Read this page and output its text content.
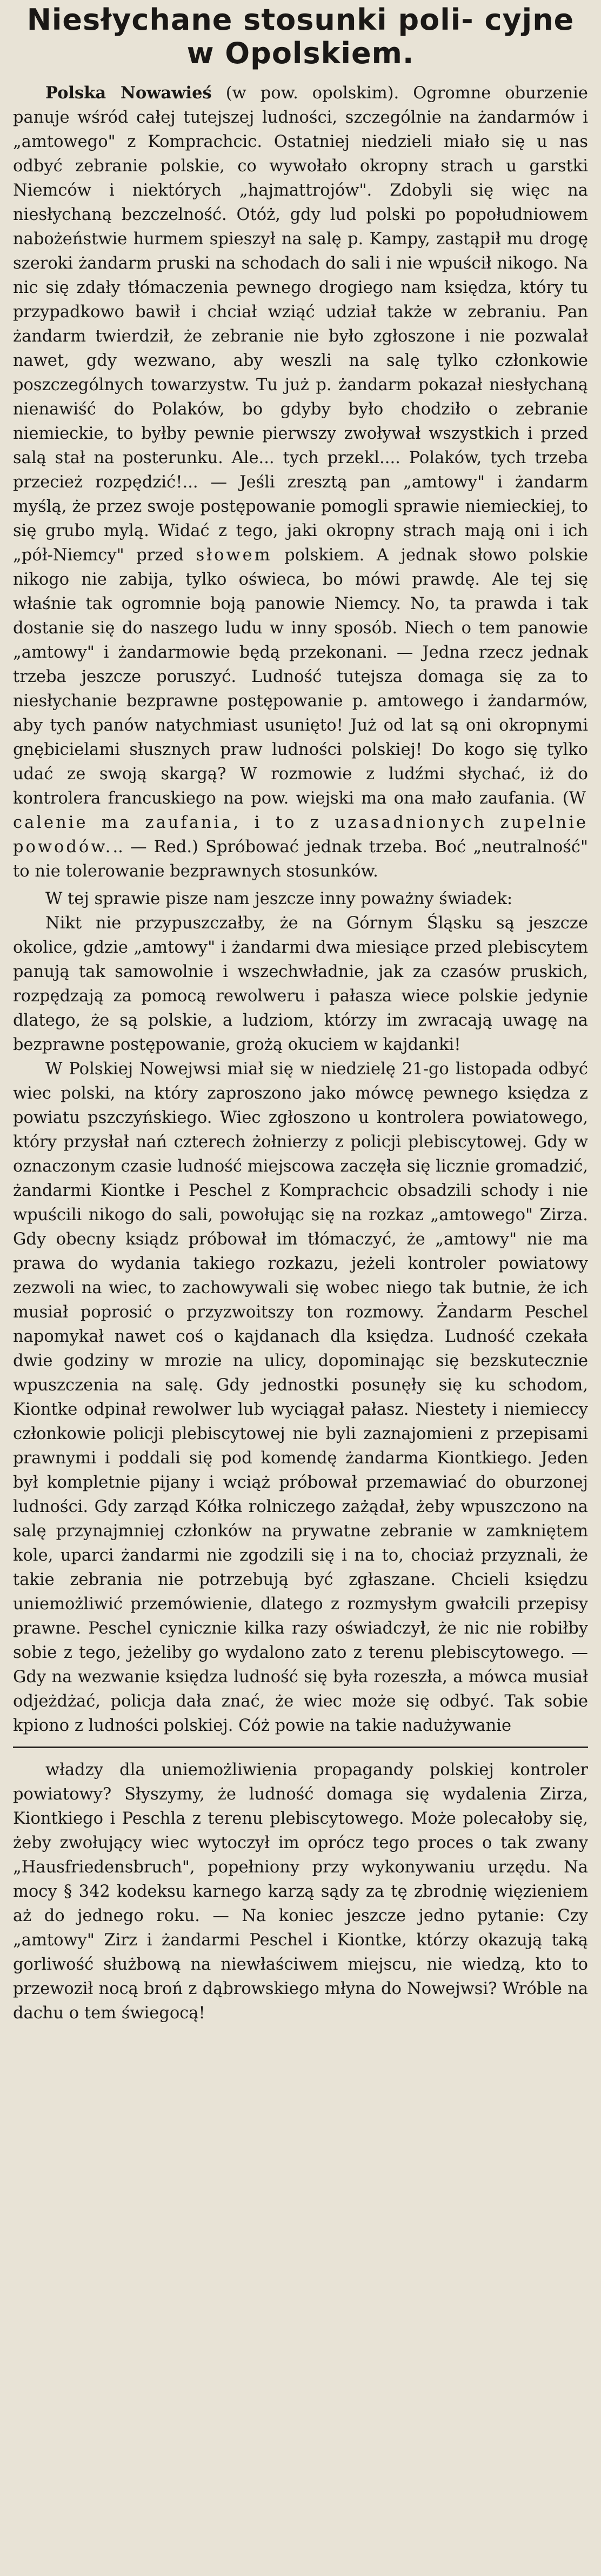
Niesłychane stosunki poli- cyjne w Opolskiem.

Polska Nowawieś (w pow. opolskim). Ogromne oburzenie panuje wśród całej tutejszej ludności, szczególnie na żandarmów i „amtowego" z Komprachcic. Ostatniej niedzieli miało się u nas odbyć zebranie polskie, co wywołało okropny strach u garstki Niemców i niektórych „hajmattrojów". Zdobyli się więc na niesłychaną bezczelność. Otóż, gdy lud polski po popołudniowem nabożeństwie hurmem spieszył na salę p. Kampy, zastąpił mu drogę szeroki żandarm pruski na schodach do sali i nie wpuścił nikogo. Na nic się zdały tłómaczenia pewnego drogiego nam księdza, który tu przypadkowo bawił i chciał wziąć udział także w zebraniu. Pan żandarm twierdził, że zebranie nie było zgłoszone i nie pozwalał nawet, gdy wezwano, aby weszli na salę tylko członkowie poszczególnych towarzystw. Tu już p. żandarm pokazał niesłychaną nienawiść do Polaków, bo gdyby było chodziło o zebranie niemieckie, to byłby pewnie pierwszy zwoływał wszystkich i przed salą stał na posterunku. Ale... tych przekl.... Polaków, tych trzeba przecież rozpędzić!... — Jeśli zresztą pan „amtowy" i żandarm myślą, że przez swoje postępowanie pomogli sprawie niemieckiej, to się grubo mylą. Widać z tego, jaki okropny strach mają oni i ich „pół-Niemcy" przed słowem polskiem. A jednak słowo polskie nikogo nie zabija, tylko oświeca, bo mówi prawdę. Ale tej się właśnie tak ogromnie boją panowie Niemcy. No, ta prawda i tak dostanie się do naszego ludu w inny sposób. Niech o tem panowie „amtowy" i żandarmowie będą przekonani. — Jedna rzecz jednak trzeba jeszcze poruszyć. Ludność tutejsza domaga się za to niesłychanie bezprawne postępowanie p. amtowego i żandarmów, aby tych panów natychmiast usunięto! Już od lat są oni okropnymi gnębicielami słusznych praw ludności polskiej! Do kogo się tylko udać ze swoją skargą? W rozmowie z ludźmi słychać, iż do kontrolera francuskiego na pow. wiejski ma ona mało zaufania. (W calenie ma zaufania, i to z uzasadnionych zupelnie powodów... — Red.) Spróbować jednak trzeba. Boć „neutralność" to nie tolerowanie bezprawnych stosunków.

W tej sprawie pisze nam jeszcze inny poważny świadek:

Nikt nie przypuszczałby, że na Górnym Śląsku są jeszcze okolice, gdzie „amtowy" i żandarmi dwa miesiące przed plebiscytem panują tak samowolnie i wszechwładnie, jak za czasów pruskich, rozpędzają za pomocą rewolweru i pałasza wiece polskie jedynie dlatego, że są polskie, a ludziom, którzy im zwracają uwagę na bezprawne postępowanie, grożą okuciem w kajdanki!

W Polskiej Nowejwsi miał się w niedzielę 21-go listopada odbyć wiec polski, na który zaproszono jako mówcę pewnego księdza z powiatu pszczyńskiego. Wiec zgłoszono u kontrolera powiatowego, który przysłał nań czterech żołnierzy z policji plebiscytowej. Gdy w oznaczonym czasie ludność miejscowa zaczęła się licznie gromadzić, żandarmi Kiontke i Peschel z Komprachcic obsadzili schody i nie wpuścili nikogo do sali, powołując się na rozkaz „amtowego" Zirza. Gdy obecny ksiądz próbował im tłómaczyć, że „amtowy" nie ma prawa do wydania takiego rozkazu, jeżeli kontroler powiatowy zezwoli na wiec, to zachowywali się wobec niego tak butnie, że ich musiał poprosić o przyzwoitszy ton rozmowy. Żandarm Peschel napomykał nawet coś o kajdanach dla księdza. Ludność czekała dwie godziny w mrozie na ulicy, dopominając się bezskutecznie wpuszczenia na salę. Gdy jednostki posunęły się ku schodom, Kiontke odpinał rewolwer lub wyciągał pałasz. Niestety i niemieccy członkowie policji plebiscytowej nie byli zaznajomieni z przepisami prawnymi i poddali się pod komendę żandarma Kiontkiego. Jeden był kompletnie pijany i wciąż próbował przemawiać do oburzonej ludności. Gdy zarząd Kółka rolniczego zażądał, żeby wpuszczono na salę przynajmniej członków na prywatne zebranie w zamkniętem kole, uparci żandarmi nie zgodzili się i na to, chociaż przyznali, że takie zebrania nie potrzebują być zgłaszane. Chcieli księdzu uniemożliwić przemówienie, dlatego z rozmysłym gwałcili przepisy prawne. Peschel cynicznie kilka razy oświadczył, że nic nie robiłby sobie z tego, jeżeliby go wydalono zato z terenu plebiscytowego. — Gdy na wezwanie księdza ludność się była rozeszła, a mówca musiał odjeżdżać, policja dała znać, że wiec może się odbyć. Tak sobie kpiono z ludności polskiej. Cóż powie na takie nadużywanie

władzy dla uniemożliwienia propagandy polskiej kontroler powiatowy? Słyszymy, że ludność domaga się wydalenia Zirza, Kiontkiego i Peschla z terenu plebiscytowego. Może polecałoby się, żeby zwołujący wiec wytoczył im oprócz tego proces o tak zwany „Hausfriedensbruch", popełniony przy wykonywaniu urzędu. Na mocy § 342 kodeksu karnego karzą sądy za tę zbrodnię więzieniem aż do jednego roku. — Na koniec jeszcze jedno pytanie: Czy „amtowy" Zirz i żandarmi Peschel i Kiontke, którzy okazują taką gorliwość służbową na niewłaściwem miejscu, nie wiedzą, kto to przewoził nocą broń z dąbrowskiego młyna do Nowejwsi? Wróble na dachu o tem świegocą!
